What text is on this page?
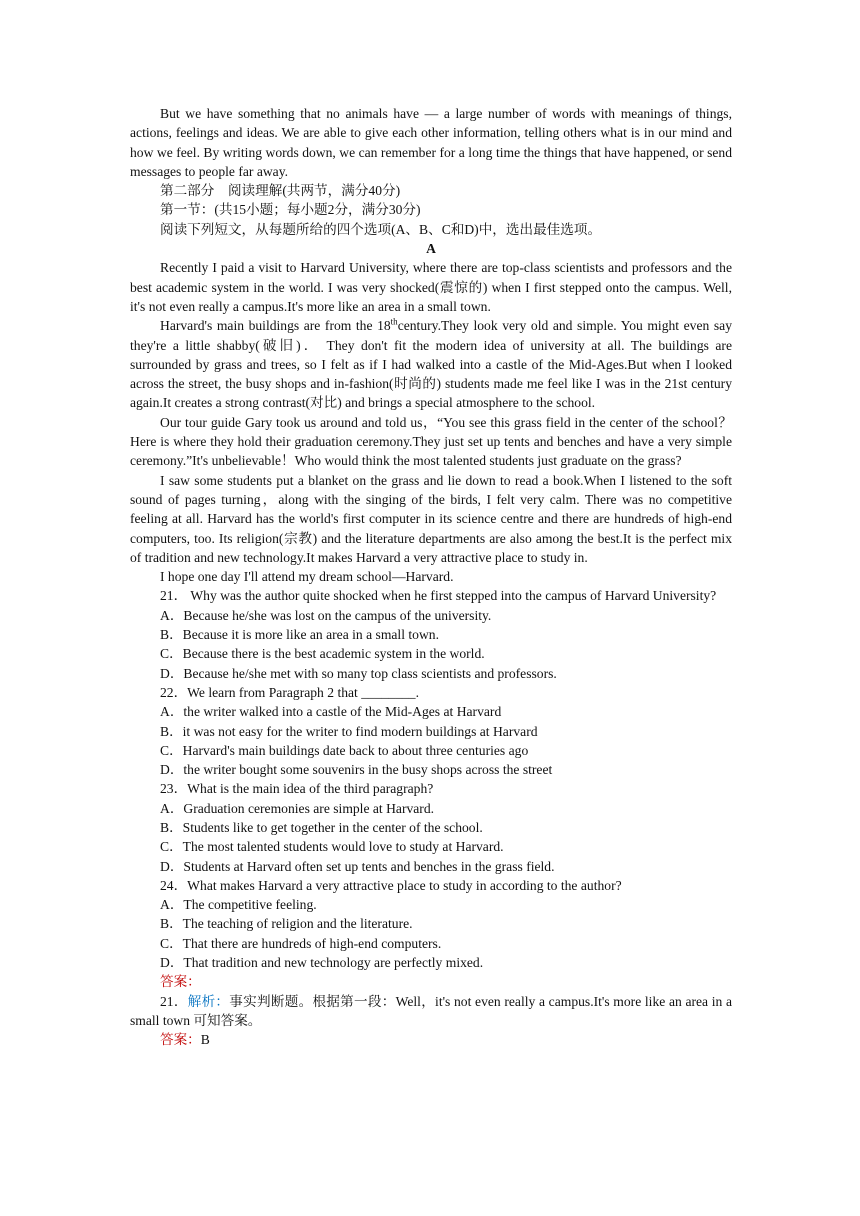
But we have something that no animals have — a large number of words with meanings of things, actions, feelings and ideas. We are able to give each other information, telling others what is in our mind and how we feel. By writing words down, we can remember for a long time the things that have happened, or send messages to people far away.

第二部分　阅读理解(共两节，满分40分)

第一节：(共15小题；每小题2分，满分30分)

阅读下列短文，从每题所给的四个选项(A、B、C和D)中，选出最佳选项。

A

Recently I paid a visit to Harvard University, where there are top-class scientists and professors and the best academic system in the world. I was very shocked(震惊的) when I first stepped onto the campus. Well, it's not even really a campus.It's more like an area in a small town.

Harvard's main buildings are from the 18thcentury.They look very old and simple. You might even say they're a little shabby(破旧)． They don't fit the modern idea of university at all. The buildings are surrounded by grass and trees, so I felt as if I had walked into a castle of the Mid-Ages.But when I looked across the street, the busy shops and in-fashion(时尚的) students made me feel like I was in the 21st century again.It creates a strong contrast(对比) and brings a special atmosphere to the school.

Our tour guide Gary took us around and told us，“You see this grass field in the center of the school？Here is where they hold their graduation ceremony.They just set up tents and benches and have a very simple ceremony.”It's unbelievable！Who would think the most talented students just graduate on the grass?

I saw some students put a blanket on the grass and lie down to read a book.When I listened to the soft sound of pages turning，along with the singing of the birds, I felt very calm. There was no competitive feeling at all. Harvard has the world's first computer in its science centre and there are hundreds of high-end computers, too. Its religion(宗教) and the literature departments are also among the best.It is the perfect mix of tradition and new technology.It makes Harvard a very attractive place to study in.

I hope one day I'll attend my dream school—Harvard.

21． Why was the author quite shocked when he first stepped into the campus of Harvard University?

A．Because he/she was lost on the campus of the university.

B．Because it is more like an area in a small town.

C．Because there is the best academic system in the world.

D．Because he/she met with so many top class scientists and professors.

22．We learn from Paragraph 2 that ________.

A．the writer walked into a castle of the Mid-Ages at Harvard

B．it was not easy for the writer to find modern buildings at Harvard

C．Harvard's main buildings date back to about three centuries ago

D．the writer bought some souvenirs in the busy shops across the street

23．What is the main idea of the third paragraph?

A．Graduation ceremonies are simple at Harvard.

B．Students like to get together in the center of the school.

C．The most talented students would love to study at Harvard.

D．Students at Harvard often set up tents and benches in the grass field.

24．What makes Harvard a very attractive place to study in according to the author?

A．The competitive feeling.

B．The teaching of religion and the literature.

C．That there are hundreds of high-end computers.

D．That tradition and new technology are perfectly mixed.

答案：

21．解析：事实判断题。根据第一段：Well，it's not even really a campus.It's more like an area in a small town 可知答案。

答案：B
